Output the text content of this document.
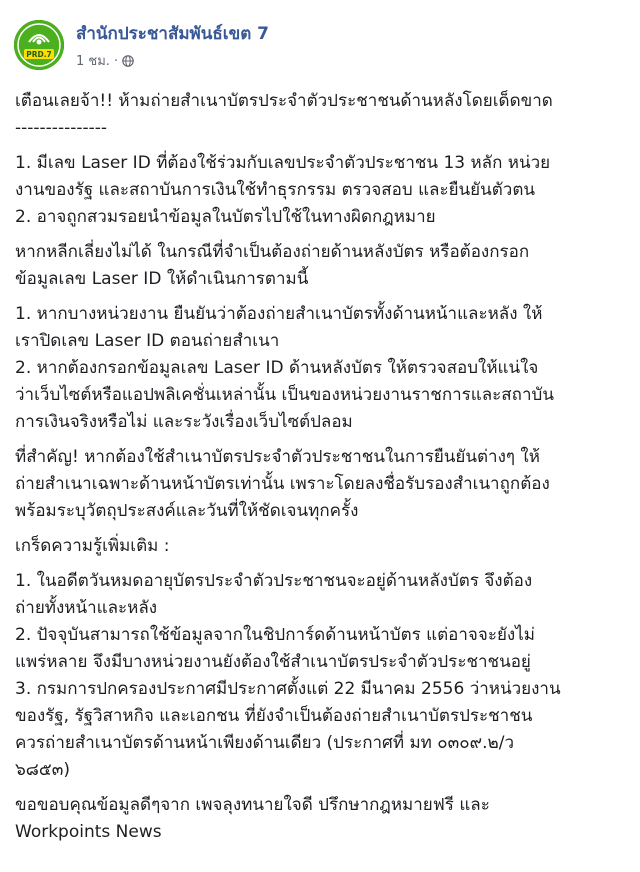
PRD.7
สำนักประชาสัมพันธ์เขต 7
1 ชม. ·

เตือนเลยจ้า!! ห้ามถ่ายสำเนาบัตรประจำตัวประชาชนด้านหลังโดยเด็ดขาด

---------------

1. มีเลข Laser ID ที่ต้องใช้ร่วมกับเลขประจำตัวประชาชน 13 หลัก หน่วย

งานของรัฐ และสถาบันการเงินใช้ทำธุรกรรม ตรวจสอบ และยืนยันตัวตน

2. อาจถูกสวมรอยนำข้อมูลในบัตรไปใช้ในทางผิดกฎหมาย

หากหลีกเลี่ยงไม่ได้ ในกรณีที่จำเป็นต้องถ่ายด้านหลังบัตร หรือต้องกรอก

ข้อมูลเลข Laser ID ให้ดำเนินการตามนี้

1. หากบางหน่วยงาน ยืนยันว่าต้องถ่ายสำเนาบัตรทั้งด้านหน้าและหลัง ให้

เราปิดเลข Laser ID ตอนถ่ายสำเนา

2. หากต้องกรอกข้อมูลเลข Laser ID ด้านหลังบัตร ให้ตรวจสอบให้แน่ใจ

ว่าเว็บไซต์หรือแอปพลิเคชั่นเหล่านั้น เป็นของหน่วยงานราชการและสถาบัน

การเงินจริงหรือไม่ และระวังเรื่องเว็บไซต์ปลอม

ที่สำคัญ! หากต้องใช้สำเนาบัตรประจำตัวประชาชนในการยืนยันต่างๆ ให้

ถ่ายสำเนาเฉพาะด้านหน้าบัตรเท่านั้น เพราะโดยลงชื่อรับรองสำเนาถูกต้อง

พร้อมระบุวัตถุประสงค์และวันที่ให้ชัดเจนทุกครั้ง

เกร็ดความรู้เพิ่มเติม :

1. ในอดีตวันหมดอายุบัตรประจำตัวประชาชนจะอยู่ด้านหลังบัตร จึงต้อง

ถ่ายทั้งหน้าและหลัง

2. ปัจจุบันสามารถใช้ข้อมูลจากในชิปการ์ดด้านหน้าบัตร แต่อาจจะยังไม่

แพร่หลาย จึงมีบางหน่วยงานยังต้องใช้สำเนาบัตรประจำตัวประชาชนอยู่

3. กรมการปกครองประกาศมีประกาศตั้งแต่ 22 มีนาคม 2556 ว่าหน่วยงาน

ของรัฐ, รัฐวิสาหกิจ และเอกชน ที่ยังจำเป็นต้องถ่ายสำเนาบัตรประชาชน

ควรถ่ายสำเนาบัตรด้านหน้าเพียงด้านเดียว (ประกาศที่ มท ๐๓๐๙.๒/ว

๖๘๕๓)

ขอขอบคุณข้อมูลดีๆจาก เพจลุงทนายใจดี ปรึกษากฎหมายฟรี และ

Workpoints News
